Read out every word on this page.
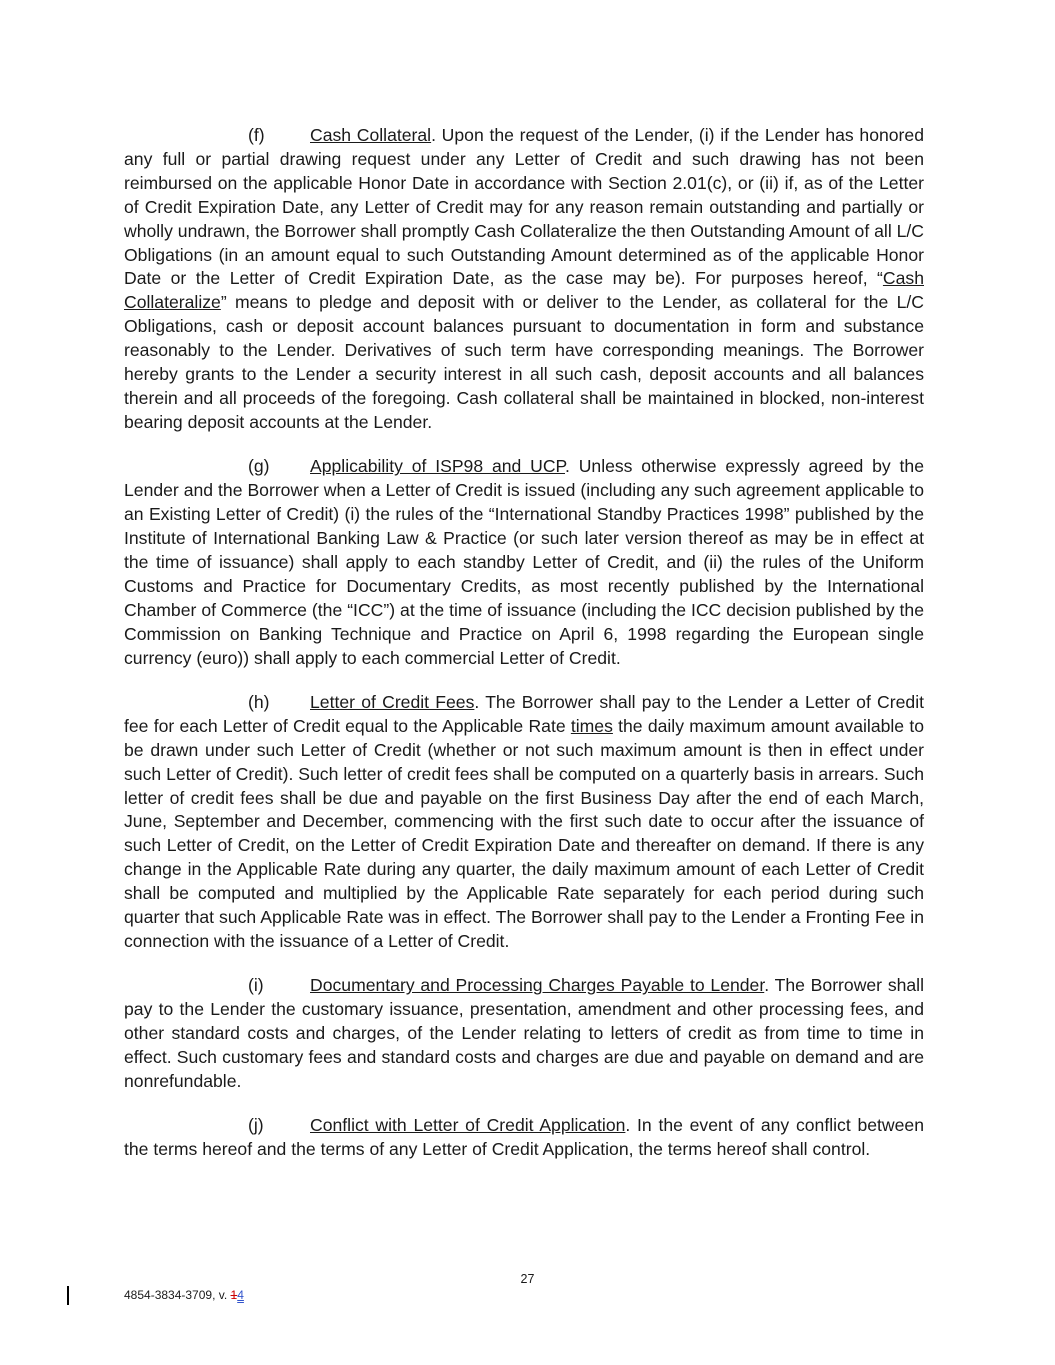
(f)	Cash Collateral. Upon the request of the Lender, (i) if the Lender has honored any full or partial drawing request under any Letter of Credit and such drawing has not been reimbursed on the applicable Honor Date in accordance with Section 2.01(c), or (ii) if, as of the Letter of Credit Expiration Date, any Letter of Credit may for any reason remain outstanding and partially or wholly undrawn, the Borrower shall promptly Cash Collateralize the then Outstanding Amount of all L/C Obligations (in an amount equal to such Outstanding Amount determined as of the applicable Honor Date or the Letter of Credit Expiration Date, as the case may be). For purposes hereof, “Cash Collateralize” means to pledge and deposit with or deliver to the Lender, as collateral for the L/C Obligations, cash or deposit account balances pursuant to documentation in form and substance reasonably to the Lender. Derivatives of such term have corresponding meanings. The Borrower hereby grants to the Lender a security interest in all such cash, deposit accounts and all balances therein and all proceeds of the foregoing. Cash collateral shall be maintained in blocked, non-interest bearing deposit accounts at the Lender.

(g) Applicability of ISP98 and UCP. Unless otherwise expressly agreed by the Lender and the Borrower when a Letter of Credit is issued (including any such agreement applicable to an Existing Letter of Credit) (i) the rules of the “International Standby Practices 1998” published by the Institute of International Banking Law & Practice (or such later version thereof as may be in effect at the time of issuance) shall apply to each standby Letter of Credit, and (ii) the rules of the Uniform Customs and Practice for Documentary Credits, as most recently published by the International Chamber of Commerce (the “ICC”) at the time of issuance (including the ICC decision published by the Commission on Banking Technique and Practice on April 6, 1998 regarding the European single currency (euro)) shall apply to each commercial Letter of Credit.

(h) Letter of Credit Fees. The Borrower shall pay to the Lender a Letter of Credit fee for each Letter of Credit equal to the Applicable Rate times the daily maximum amount available to be drawn under such Letter of Credit (whether or not such maximum amount is then in effect under such Letter of Credit). Such letter of credit fees shall be computed on a quarterly basis in arrears. Such letter of credit fees shall be due and payable on the first Business Day after the end of each March, June, September and December, commencing with the first such date to occur after the issuance of such Letter of Credit, on the Letter of Credit Expiration Date and thereafter on demand. If there is any change in the Applicable Rate during any quarter, the daily maximum amount of each Letter of Credit shall be computed and multiplied by the Applicable Rate separately for each period during such quarter that such Applicable Rate was in effect. The Borrower shall pay to the Lender a Fronting Fee in connection with the issuance of a Letter of Credit.

(i)	Documentary and Processing Charges Payable to Lender. The Borrower shall pay to the Lender the customary issuance, presentation, amendment and other processing fees, and other standard costs and charges, of the Lender relating to letters of credit as from time to time in effect. Such customary fees and standard costs and charges are due and payable on demand and are nonrefundable.

(j)	Conflict with Letter of Credit Application. In the event of any conflict between the terms hereof and the terms of any Letter of Credit Application, the terms hereof shall control.

27
4854-3834-3709, v. 14
